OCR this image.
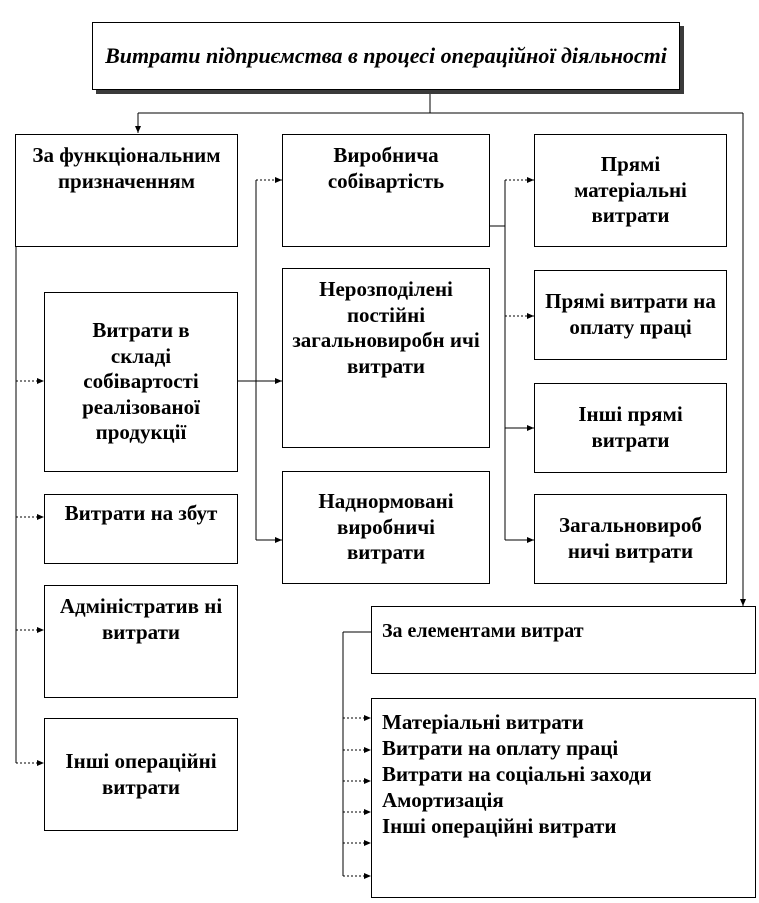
Витрати підприємства в процесі операційної діяльності
За функціональним призначенням
Витрати в складі собівартості реалізованої продукції
Витрати на збут
Адміністратив ні витрати
Інші операційні витрати
Виробнича собівартість
Нерозподілені постійні загальновиробн ичі витрати
Наднормовані виробничі витрати
Прямі матеріальні витрати
Прямі витрати на оплату праці
Інші прямі витрати
Загальновироб ничі витрати
За елементами витрат
Матеріальні витрати
Витрати на оплату праці
Витрати на соціальні заходи
Амортизація
Інші операційні витрати
